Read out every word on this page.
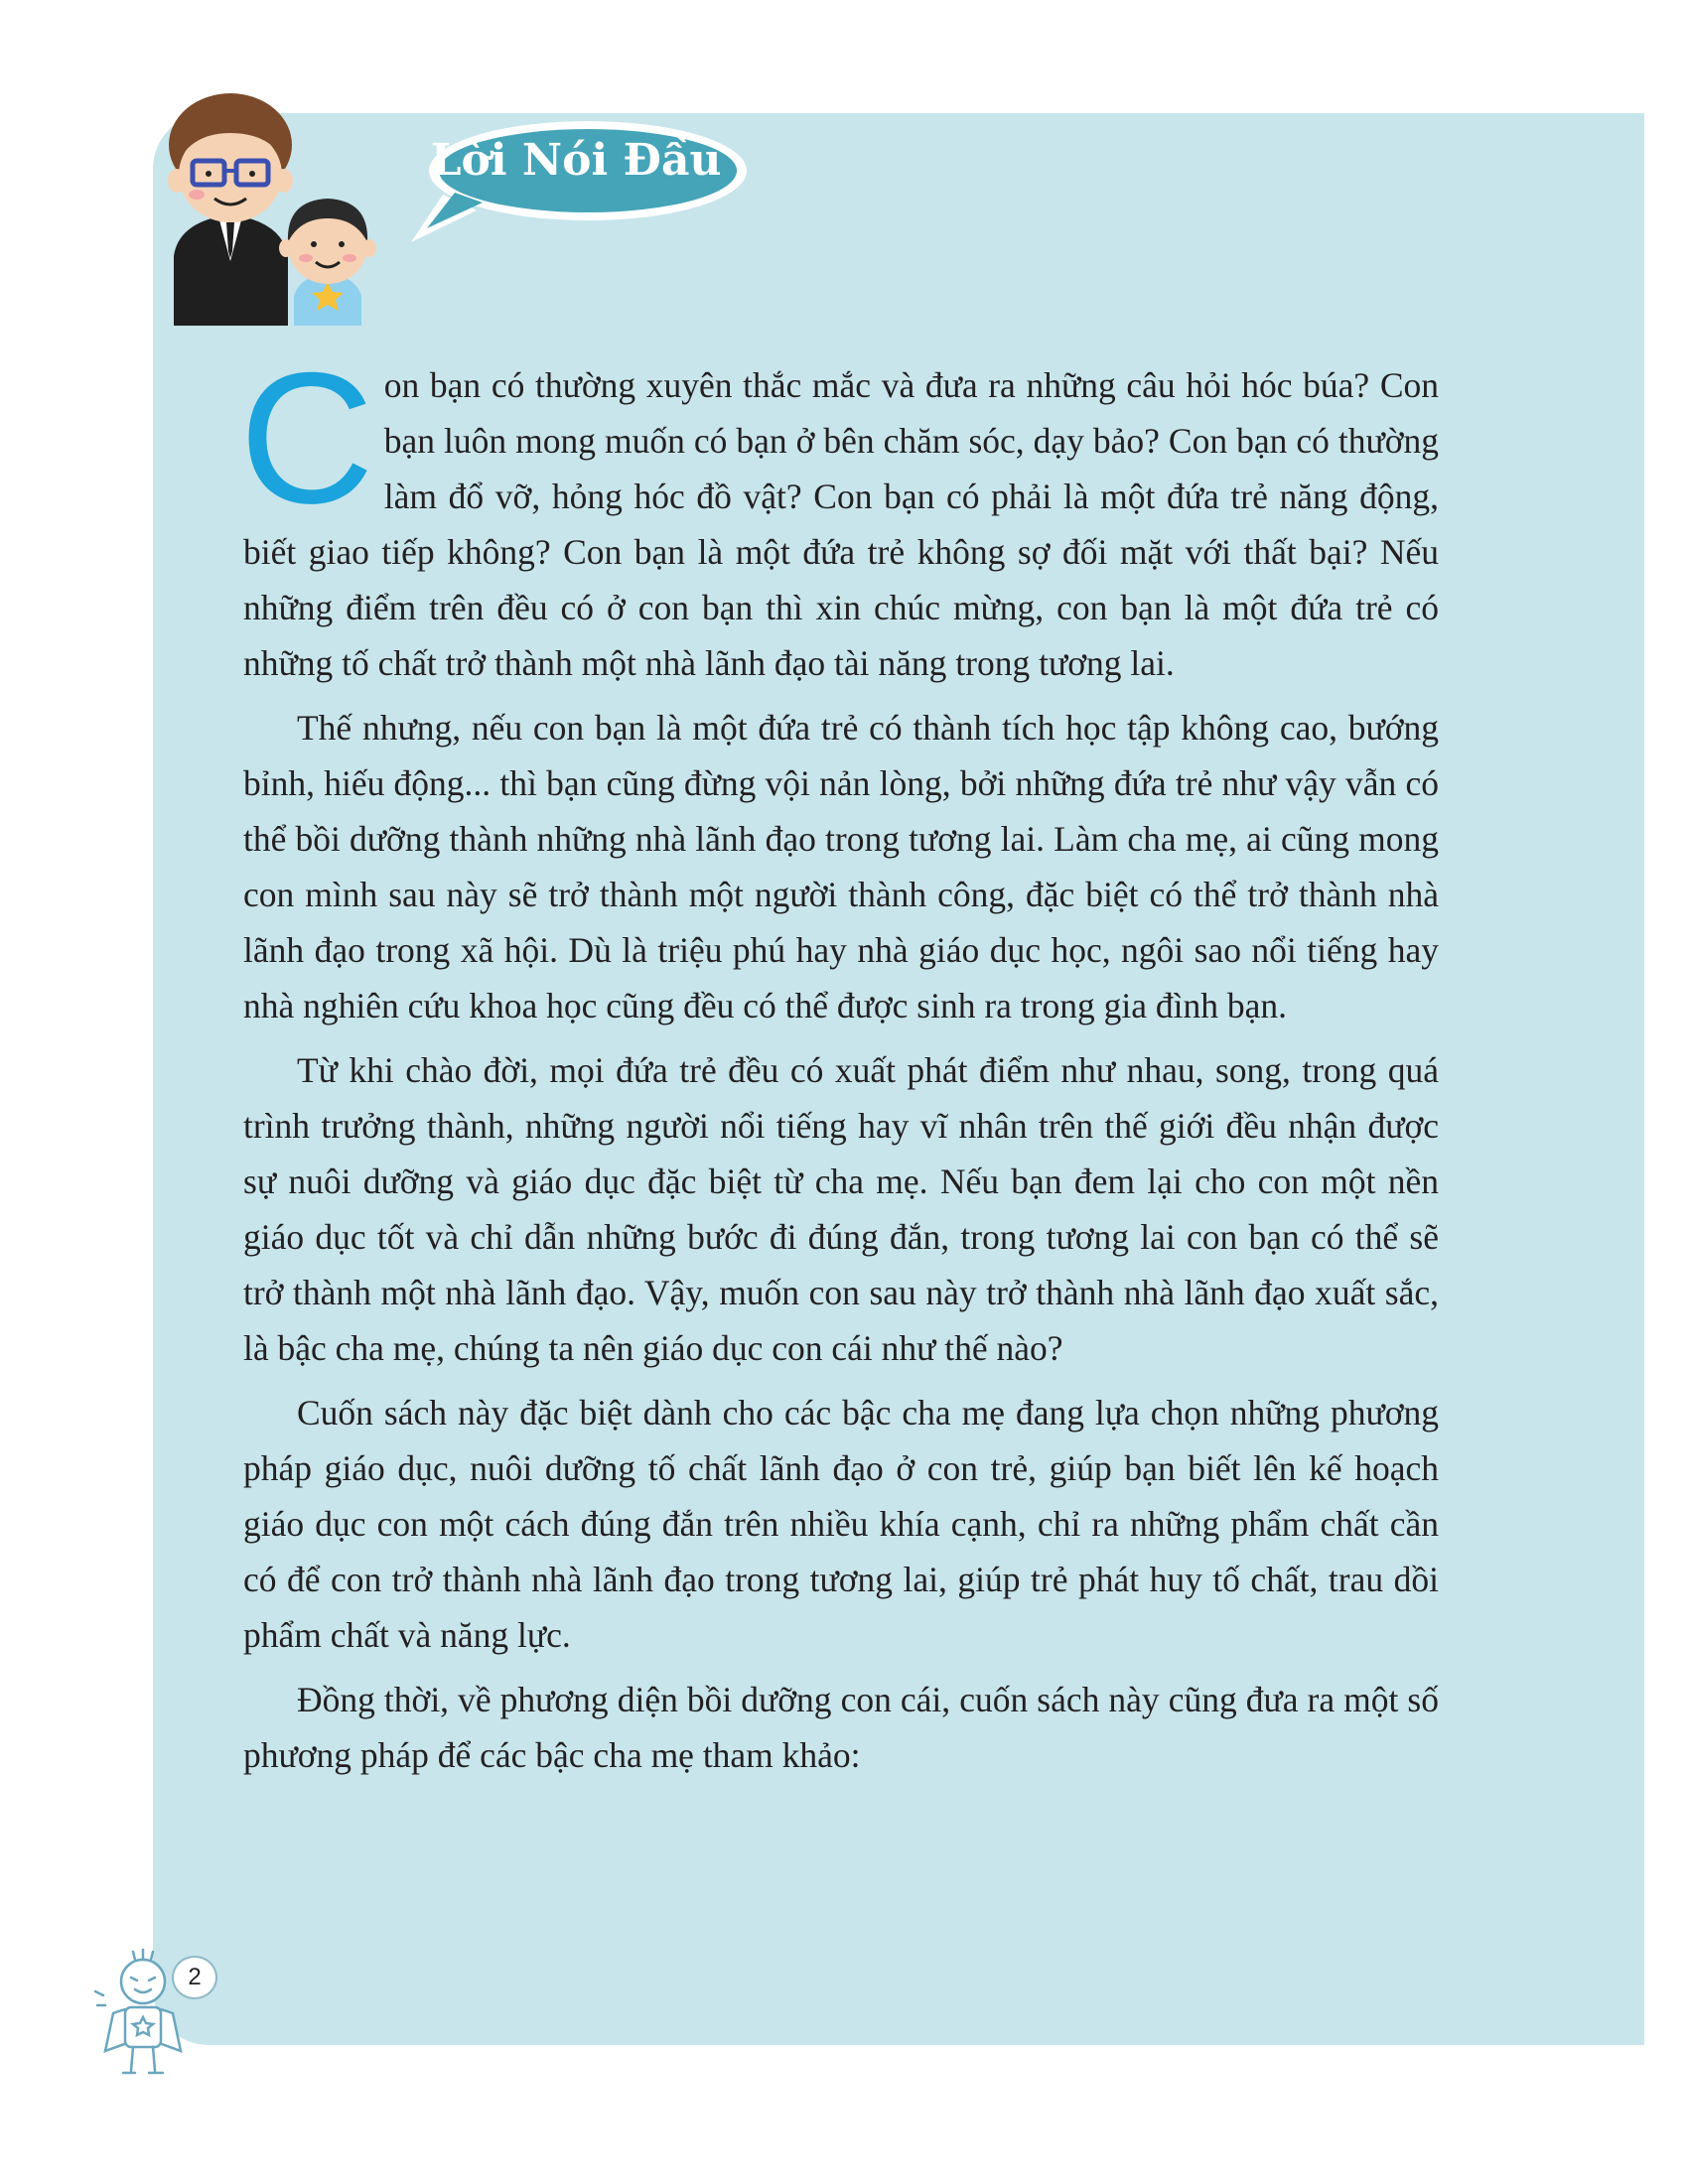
Lời Nói Đầu

Con bạn có thường xuyên thắc mắc và đưa ra những câu hỏi hóc búa? Con bạn luôn mong muốn có bạn ở bên chăm sóc, dạy bảo? Con bạn có thường làm đổ vỡ, hỏng hóc đồ vật? Con bạn có phải là một đứa trẻ năng động, biết giao tiếp không? Con bạn là một đứa trẻ không sợ đối mặt với thất bại? Nếu những điểm trên đều có ở con bạn thì xin chúc mừng, con bạn là một đứa trẻ có những tố chất trở thành một nhà lãnh đạo tài năng trong tương lai.

Thế nhưng, nếu con bạn là một đứa trẻ có thành tích học tập không cao, bướng bỉnh, hiếu động... thì bạn cũng đừng vội nản lòng, bởi những đứa trẻ như vậy vẫn có thể bồi dưỡng thành những nhà lãnh đạo trong tương lai. Làm cha mẹ, ai cũng mong con mình sau này sẽ trở thành một người thành công, đặc biệt có thể trở thành nhà lãnh đạo trong xã hội. Dù là triệu phú hay nhà giáo dục học, ngôi sao nổi tiếng hay nhà nghiên cứu khoa học cũng đều có thể được sinh ra trong gia đình bạn.

Từ khi chào đời, mọi đứa trẻ đều có xuất phát điểm như nhau, song, trong quá trình trưởng thành, những người nổi tiếng hay vĩ nhân trên thế giới đều nhận được sự nuôi dưỡng và giáo dục đặc biệt từ cha mẹ. Nếu bạn đem lại cho con một nền giáo dục tốt và chỉ dẫn những bước đi đúng đắn, trong tương lai con bạn có thể sẽ trở thành một nhà lãnh đạo. Vậy, muốn con sau này trở thành nhà lãnh đạo xuất sắc, là bậc cha mẹ, chúng ta nên giáo dục con cái như thế nào?

Cuốn sách này đặc biệt dành cho các bậc cha mẹ đang lựa chọn những phương pháp giáo dục, nuôi dưỡng tố chất lãnh đạo ở con trẻ, giúp bạn biết lên kế hoạch giáo dục con một cách đúng đắn trên nhiều khía cạnh, chỉ ra những phẩm chất cần có để con trở thành nhà lãnh đạo trong tương lai, giúp trẻ phát huy tố chất, trau dồi phẩm chất và năng lực.

Đồng thời, về phương diện bồi dưỡng con cái, cuốn sách này cũng đưa ra một số phương pháp để các bậc cha mẹ tham khảo:

2
